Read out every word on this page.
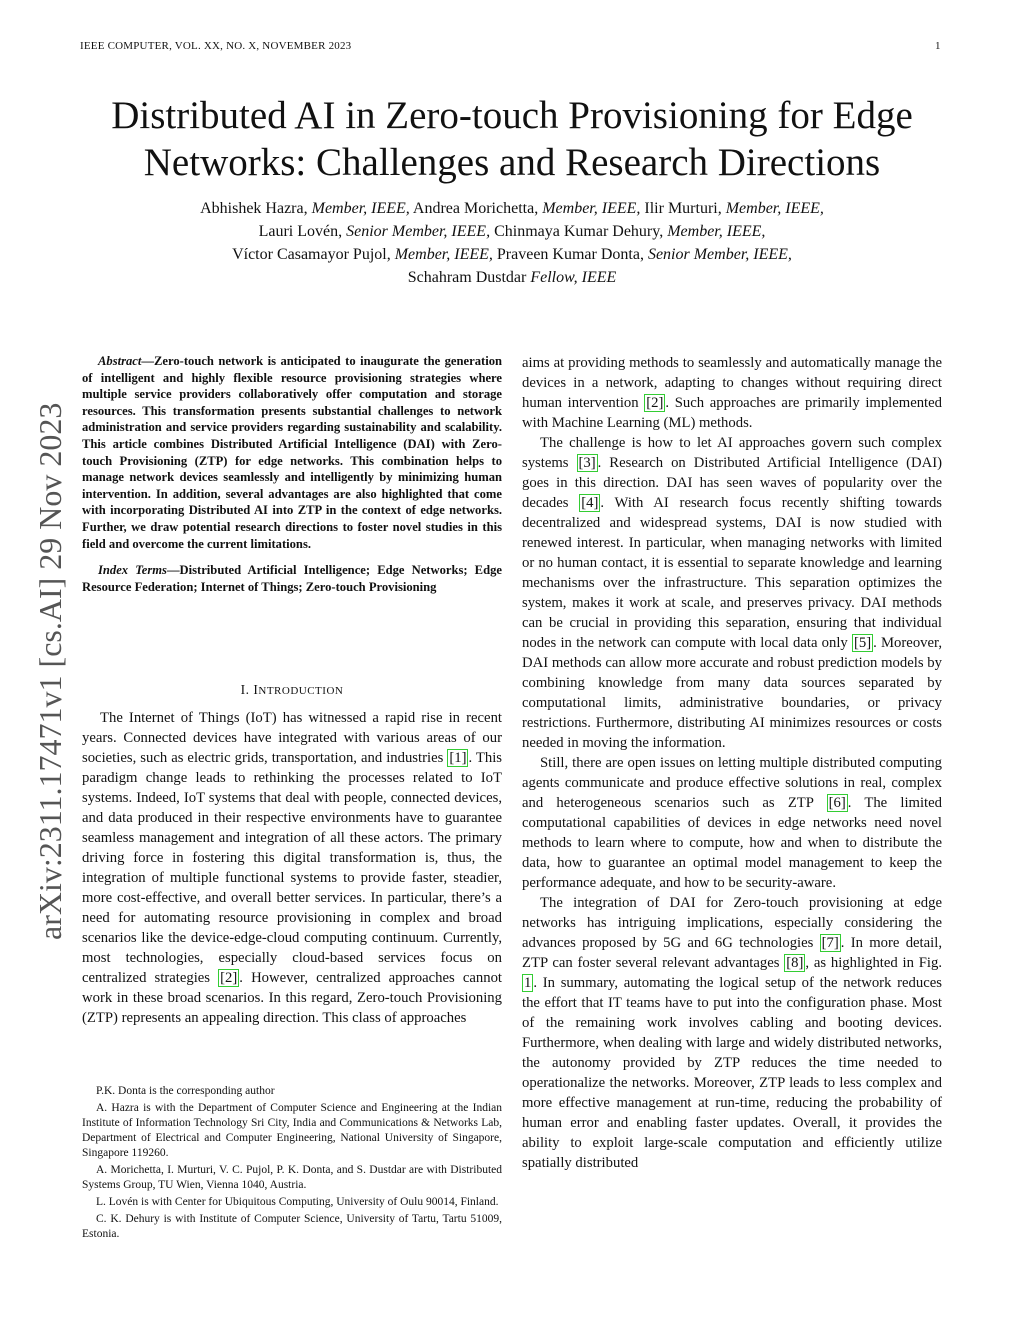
IEEE COMPUTER, VOL. XX, NO. X, NOVEMBER 2023	1
Distributed AI in Zero-touch Provisioning for Edge
Networks: Challenges and Research Directions
Abhishek Hazra, Member, IEEE, Andrea Morichetta, Member, IEEE, Ilir Murturi, Member, IEEE,
Lauri Lovén, Senior Member, IEEE, Chinmaya Kumar Dehury, Member, IEEE,
Víctor Casamayor Pujol, Member, IEEE, Praveen Kumar Donta, Senior Member, IEEE,
Schahram Dustdar Fellow, IEEE
arXiv:2311.17471v1 [cs.AI] 29 Nov 2023

Abstract—Zero-touch network is anticipated to inaugurate the generation of intelligent and highly flexible resource provisioning strategies where multiple service providers collaboratively offer computation and storage resources. This transformation presents substantial challenges to network administration and service providers regarding sustainability and scalability. This article combines Distributed Artificial Intelligence (DAI) with Zero-touch Provisioning (ZTP) for edge networks. This combination helps to manage network devices seamlessly and intelligently by minimizing human intervention. In addition, several advantages are also highlighted that come with incorporating Distributed AI into ZTP in the context of edge networks. Further, we draw potential research directions to foster novel studies in this field and overcome the current limitations.

Index Terms—Distributed Artificial Intelligence; Edge Networks; Edge Resource Federation; Internet of Things; Zero-touch Provisioning

I. INTRODUCTION

The Internet of Things (IoT) has witnessed a rapid rise in recent years. Connected devices have integrated with various areas of our societies, such as electric grids, transportation, and industries [1] . This paradigm change leads to rethinking the processes related to IoT systems. Indeed, IoT systems that deal with people, connected devices, and data produced in their respective environments have to guarantee seamless management and integration of all these actors. The primary driving force in fostering this digital transformation is, thus, the integration of multiple functional systems to provide faster, steadier, more cost-effective, and overall better services. In particular, there’s a need for automating resource provisioning in complex and broad scenarios like the device-edge-cloud computing continuum. Currently, most technologies, especially cloud-based services focus on centralized strategies [2] . However, centralized approaches cannot work in these broad scenarios. In this regard, Zero-touch Provisioning (ZTP) represents an appealing direction. This class of approaches

P.K. Donta is the corresponding author

A. Hazra is with the Department of Computer Science and Engineering at the Indian Institute of Information Technology Sri City, India and Communications & Networks Lab, Department of Electrical and Computer Engineering, National University of Singapore, Singapore 119260.

A. Morichetta, I. Murturi, V. C. Pujol, P. K. Donta, and S. Dustdar are with Distributed Systems Group, TU Wien, Vienna 1040, Austria.

L. Lovén is with Center for Ubiquitous Computing, University of Oulu 90014, Finland.

C. K. Dehury is with Institute of Computer Science, University of Tartu, Tartu 51009, Estonia.

aims at providing methods to seamlessly and automatically manage the devices in a network, adapting to changes without requiring direct human intervention [2] . Such approaches are primarily implemented with Machine Learning (ML) methods.

The challenge is how to let AI approaches govern such complex systems [3] . Research on Distributed Artificial Intelligence (DAI) goes in this direction. DAI has seen waves of popularity over the decades [4] . With AI research focus recently shifting towards decentralized and widespread systems, DAI is now studied with renewed interest. In particular, when managing networks with limited or no human contact, it is essential to separate knowledge and learning mechanisms over the infrastructure. This separation optimizes the system, makes it work at scale, and preserves privacy. DAI methods can be crucial in providing this separation, ensuring that individual nodes in the network can compute with local data only [5] . Moreover, DAI methods can allow more accurate and robust prediction models by combining knowledge from many data sources separated by computational limits, administrative boundaries, or privacy restrictions. Furthermore, distributing AI minimizes resources or costs needed in moving the information.

Still, there are open issues on letting multiple distributed computing agents communicate and produce effective solutions in real, complex and heterogeneous scenarios such as ZTP [6] . The limited computational capabilities of devices in edge networks need novel methods to learn where to compute, how and when to distribute the data, how to guarantee an optimal model management to keep the performance adequate, and how to be security-aware.

The integration of DAI for Zero-touch provisioning at edge networks has intriguing implications, especially considering the advances proposed by 5G and 6G technologies [7] . In more detail, ZTP can foster several relevant advantages [8] , as highlighted in Fig. 1 . In summary, automating the logical setup of the network reduces the effort that IT teams have to put into the configuration phase. Most of the remaining work involves cabling and booting devices. Furthermore, when dealing with large and widely distributed networks, the autonomy provided by ZTP reduces the time needed to operationalize the networks. Moreover, ZTP leads to less complex and more effective management at run-time, reducing the probability of human error and enabling faster updates. Overall, it provides the ability to exploit large-scale computation and efficiently utilize spatially distributed
